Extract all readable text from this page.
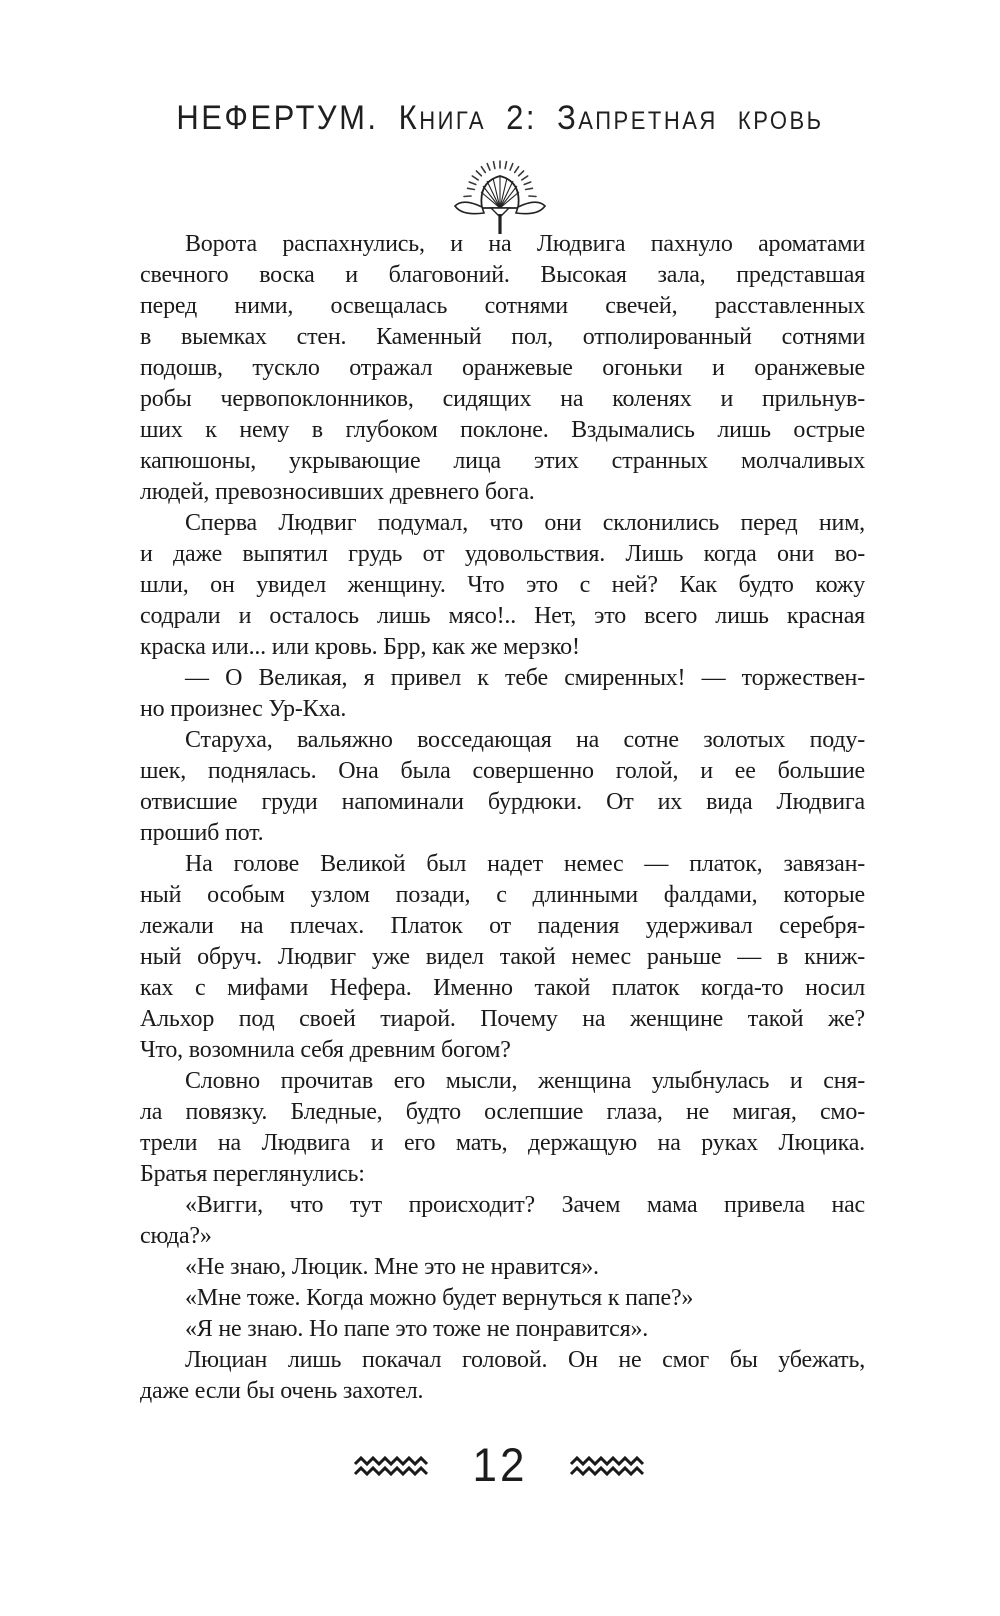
НЕФЕРТУМ. Книга 2: Запретная кровь
Ворота распахнулись, и на Людвига пахнуло ароматами
свечного воска и благовоний. Высокая зала, представшая
перед ними, освещалась сотнями свечей, расставленных
в выемках стен. Каменный пол, отполированный сотнями
подошв, тускло отражал оранжевые огоньки и оранжевые
робы червопоклонников, сидящих на коленях и прильнув-
ших к нему в глубоком поклоне. Вздымались лишь острые
капюшоны, укрывающие лица этих странных молчаливых
людей, превозносивших древнего бога.
Сперва Людвиг подумал, что они склонились перед ним,
и даже выпятил грудь от удовольствия. Лишь когда они во-
шли, он увидел женщину. Что это с ней? Как будто кожу
содрали и осталось лишь мясо!.. Нет, это всего лишь красная
краска или... или кровь. Брр, как же мерзко!
— О Великая, я привел к тебе смиренных! — торжествен-
но произнес Ур-Кха.
Старуха, вальяжно восседающая на сотне золотых поду-
шек, поднялась. Она была совершенно голой, и ее большие
отвисшие груди напоминали бурдюки. От их вида Людвига
прошиб пот.
На голове Великой был надет немес — платок, завязан-
ный особым узлом позади, с длинными фалдами, которые
лежали на плечах. Платок от падения удерживал серебря-
ный обруч. Людвиг уже видел такой немес раньше — в книж-
ках с мифами Нефера. Именно такой платок когда-то носил
Альхор под своей тиарой. Почему на женщине такой же?
Что, возомнила себя древним богом?
Словно прочитав его мысли, женщина улыбнулась и сня-
ла повязку. Бледные, будто ослепшие глаза, не мигая, смо-
трели на Людвига и его мать, держащую на руках Люцика.
Братья переглянулись:
«Вигги, что тут происходит? Зачем мама привела нас
сюда?»
«Не знаю, Люцик. Мне это не нравится».
«Мне тоже. Когда можно будет вернуться к папе?»
«Я не знаю. Но папе это тоже не понравится».
Люциан лишь покачал головой. Он не смог бы убежать,
даже если бы очень захотел.
12
